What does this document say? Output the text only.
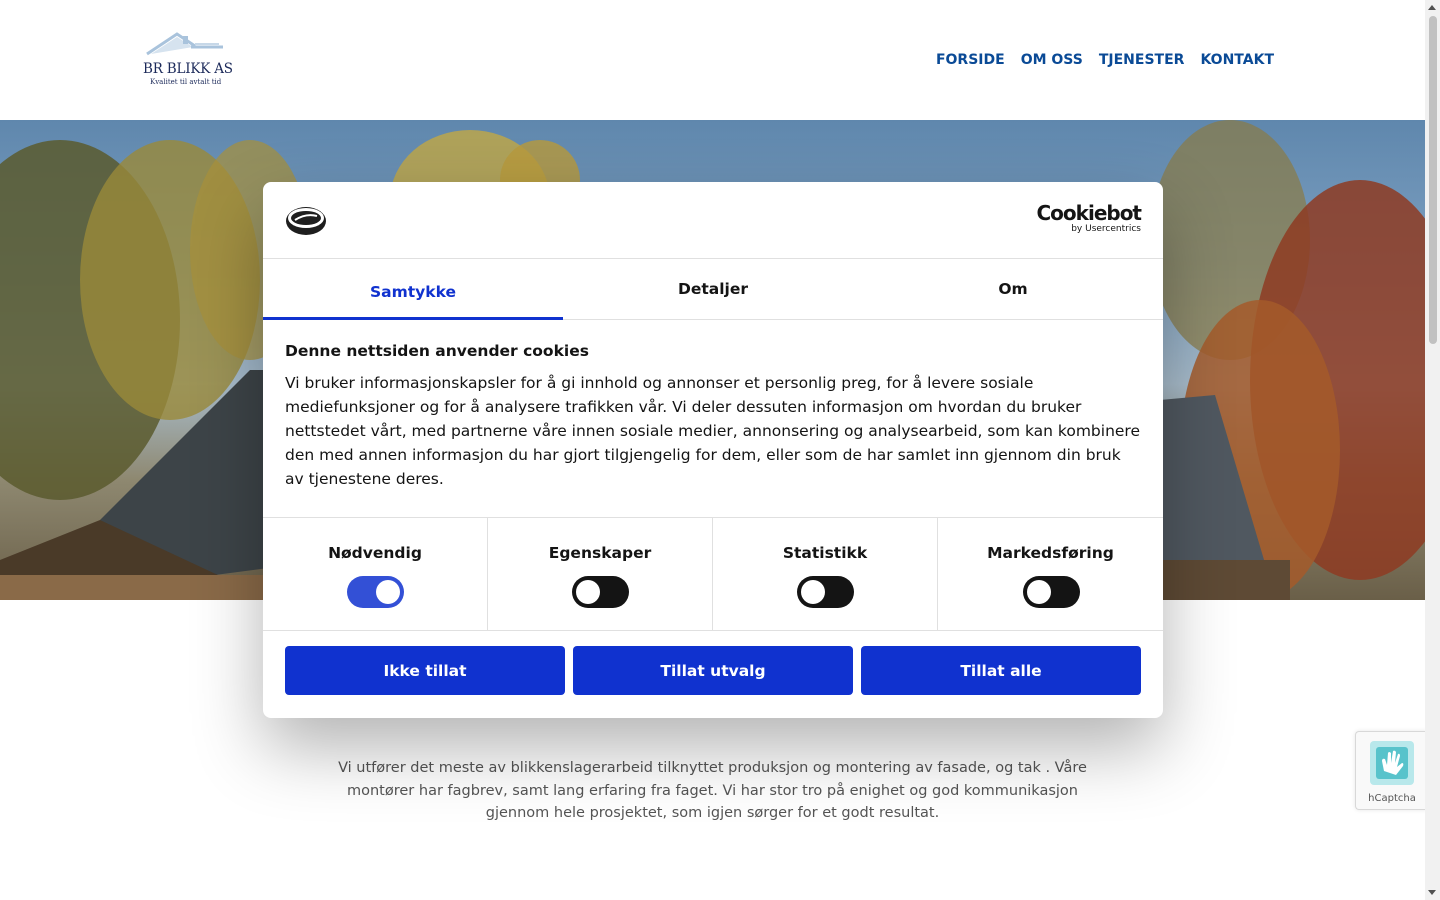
BR BLIKK AS
Kvalitet til avtalt tid
FORSIDE OM OSS TJENESTER KONTAKT
Vi utfører det meste av blikkenslagerarbeid tilknyttet produksjon og montering av fasade, og tak . Våre montører har fagbrev, samt lang erfaring fra faget. Vi har stor tro på enighet og god kommunikasjon gjennom hele prosjektet, som igjen sørger for et godt resultat.
hCaptcha
Cookiebot
by Usercentrics
Samtykke	Detaljer	Om
Denne nettsiden anvender cookies
Vi bruker informasjonskapsler for å gi innhold og annonser et personlig preg, for å levere sosiale mediefunksjoner og for å analysere trafikken vår. Vi deler dessuten informasjon om hvordan du bruker nettstedet vårt, med partnerne våre innen sosiale medier, annonsering og analysearbeid, som kan kombinere den med annen informasjon du har gjort tilgjengelig for dem, eller som de har samlet inn gjennom din bruk av tjenestene deres.
Nødvendig	Egenskaper	Statistikk	Markedsføring
Ikke tillat	Tillat utvalg	Tillat alle
